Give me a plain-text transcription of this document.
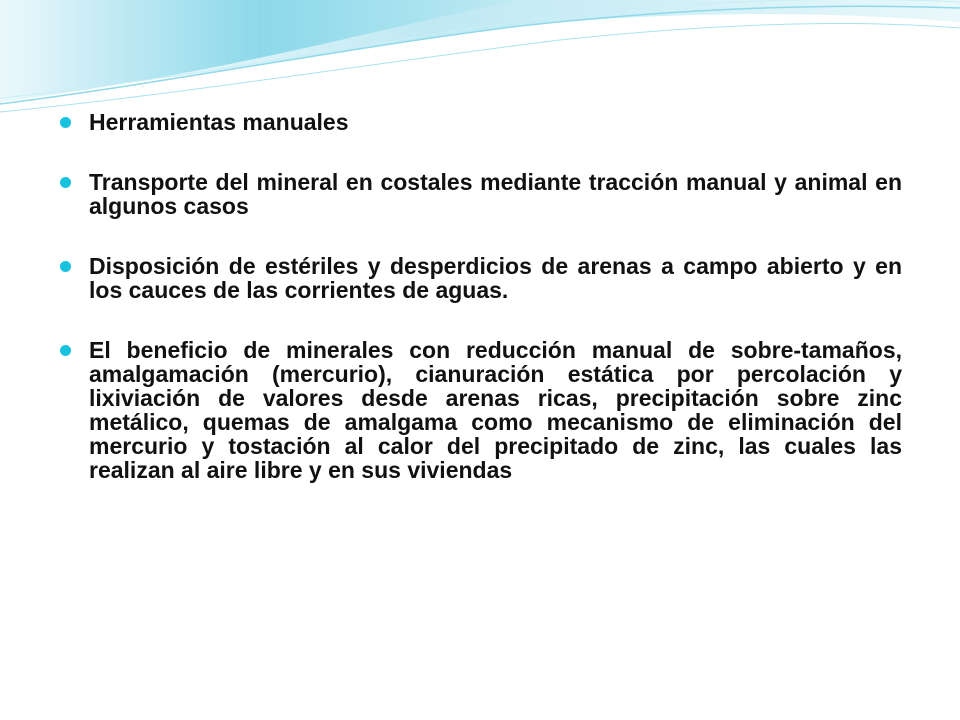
Herramientas manuales
Transporte del mineral en costales mediante tracción manual y animal en algunos casos
Disposición de estériles y desperdicios de arenas a campo abierto y en los cauces de las corrientes de aguas.
El beneficio de minerales con reducción manual de sobre-tamaños, amalgamación (mercurio), cianuración estática por percolación y lixiviación de valores desde arenas ricas, precipitación sobre zinc metálico, quemas de amalgama como mecanismo de eliminación del mercurio y tostación al calor del precipitado de zinc, las cuales las realizan al aire libre y en sus viviendas
